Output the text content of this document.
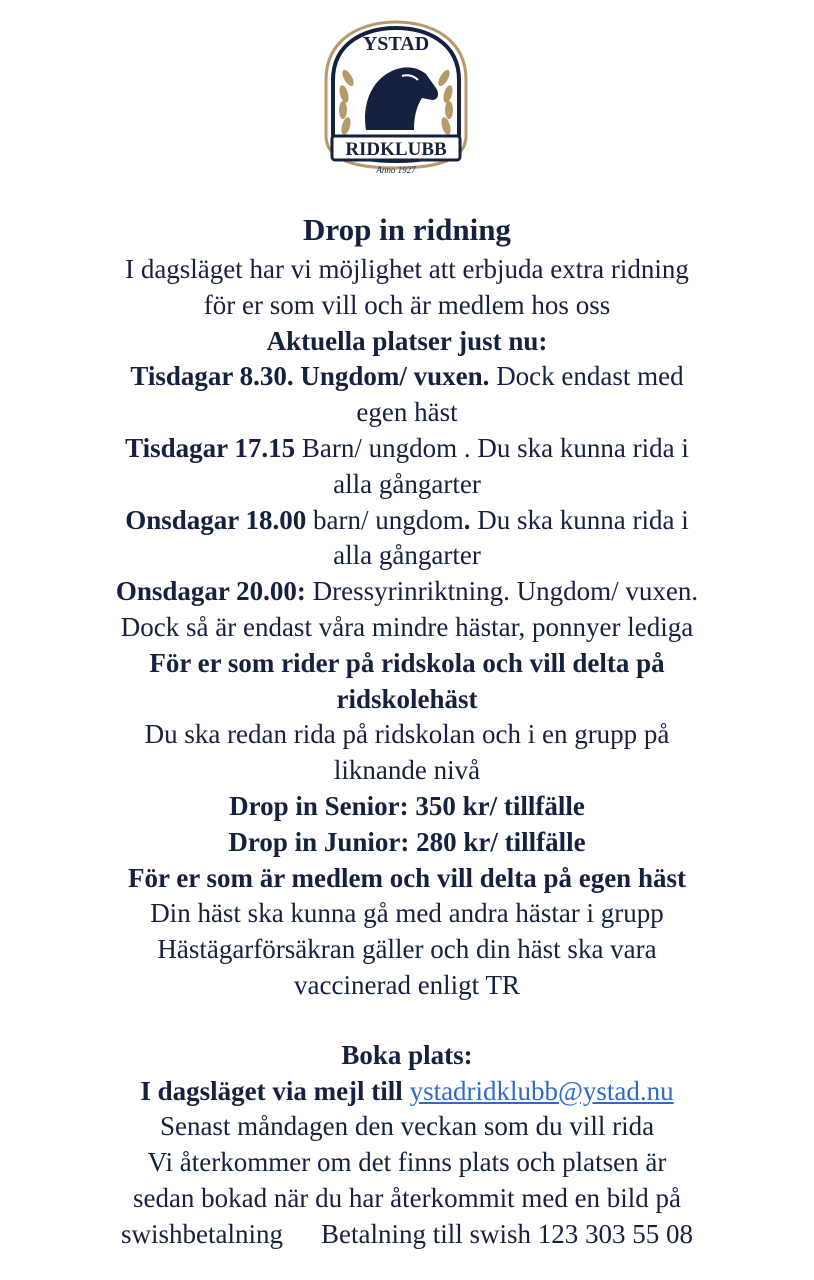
YSTAD
RIDKLUBB
Anno 1927

Drop in ridning

I dagsläget har vi möjlighet att erbjuda extra ridning

för er som vill och är medlem hos oss

Aktuella platser just nu:

Tisdagar 8.30. Ungdom/ vuxen. Dock endast med

egen häst

Tisdagar 17.15 Barn/ ungdom . Du ska kunna rida i

alla gångarter

Onsdagar 18.00 barn/ ungdom. Du ska kunna rida i

alla gångarter

Onsdagar 20.00: Dressyrinriktning. Ungdom/ vuxen.

Dock så är endast våra mindre hästar, ponnyer lediga

För er som rider på ridskola och vill delta på

ridskolehäst

Du ska redan rida på ridskolan och i en grupp på

liknande nivå

Drop in Senior: 350 kr/ tillfälle

Drop in Junior: 280 kr/ tillfälle

För er som är medlem och vill delta på egen häst

Din häst ska kunna gå med andra hästar i grupp

Hästägarförsäkran gäller och din häst ska vara

vaccinerad enligt TR

Boka plats:

I dagsläget via mejl till ystadridklubb@ystad.nu

Senast måndagen den veckan som du vill rida

Vi återkommer om det finns plats och platsen är

sedan bokad när du har återkommit med en bild på

swishbetalning Betalning till swish 123 303 55 08
